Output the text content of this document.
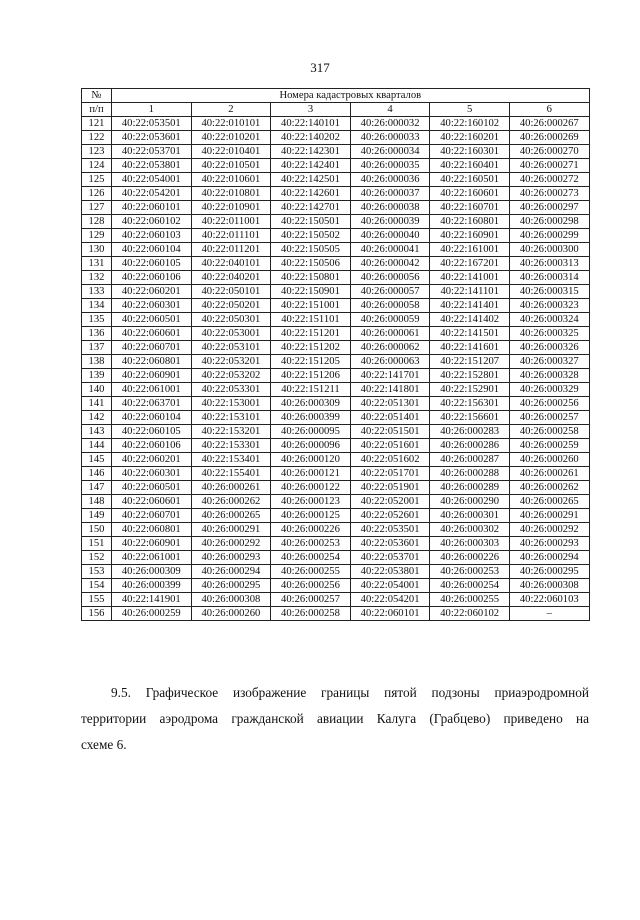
317
№	Номера кадастровых кварталов					
п/п	1	2	3	4	5	6
121	40:22:053501	40:22:010101	40:22:140101	40:26:000032	40:22:160102	40:26:000267
122	40:22:053601	40:22:010201	40:22:140202	40:26:000033	40:22:160201	40:26:000269
123	40:22:053701	40:22:010401	40:22:142301	40:26:000034	40:22:160301	40:26:000270
124	40:22:053801	40:22:010501	40:22:142401	40:26:000035	40:22:160401	40:26:000271
125	40:22:054001	40:22:010601	40:22:142501	40:26:000036	40:22:160501	40:26:000272
126	40:22:054201	40:22:010801	40:22:142601	40:26:000037	40:22:160601	40:26:000273
127	40:22:060101	40:22:010901	40:22:142701	40:26:000038	40:22:160701	40:26:000297
128	40:22:060102	40:22:011001	40:22:150501	40:26:000039	40:22:160801	40:26:000298
129	40:22:060103	40:22:011101	40:22:150502	40:26:000040	40:22:160901	40:26:000299
130	40:22:060104	40:22:011201	40:22:150505	40:26:000041	40:22:161001	40:26:000300
131	40:22:060105	40:22:040101	40:22:150506	40:26:000042	40:22:167201	40:26:000313
132	40:22:060106	40:22:040201	40:22:150801	40:26:000056	40:22:141001	40:26:000314
133	40:22:060201	40:22:050101	40:22:150901	40:26:000057	40:22:141101	40:26:000315
134	40:22:060301	40:22:050201	40:22:151001	40:26:000058	40:22:141401	40:26:000323
135	40:22:060501	40:22:050301	40:22:151101	40:26:000059	40:22:141402	40:26:000324
136	40:22:060601	40:22:053001	40:22:151201	40:26:000061	40:22:141501	40:26:000325
137	40:22:060701	40:22:053101	40:22:151202	40:26:000062	40:22:141601	40:26:000326
138	40:22:060801	40:22:053201	40:22:151205	40:26:000063	40:22:151207	40:26:000327
139	40:22:060901	40:22:053202	40:22:151206	40:22:141701	40:22:152801	40:26:000328
140	40:22:061001	40:22:053301	40:22:151211	40:22:141801	40:22:152901	40:26:000329
141	40:22:063701	40:22:153001	40:26:000309	40:22:051301	40:22:156301	40:26:000256
142	40:22:060104	40:22:153101	40:26:000399	40:22:051401	40:22:156601	40:26:000257
143	40:22:060105	40:22:153201	40:26:000095	40:22:051501	40:26:000283	40:26:000258
144	40:22:060106	40:22:153301	40:26:000096	40:22:051601	40:26:000286	40:26:000259
145	40:22:060201	40:22:153401	40:26:000120	40:22:051602	40:26:000287	40:26:000260
146	40:22:060301	40:22:155401	40:26:000121	40:22:051701	40:26:000288	40:26:000261
147	40:22:060501	40:26:000261	40:26:000122	40:22:051901	40:26:000289	40:26:000262
148	40:22:060601	40:26:000262	40:26:000123	40:22:052001	40:26:000290	40:26:000265
149	40:22:060701	40:26:000265	40:26:000125	40:22:052601	40:26:000301	40:26:000291
150	40:22:060801	40:26:000291	40:26:000226	40:22:053501	40:26:000302	40:26:000292
151	40:22:060901	40:26:000292	40:26:000253	40:22:053601	40:26:000303	40:26:000293
152	40:22:061001	40:26:000293	40:26:000254	40:22:053701	40:26:000226	40:26:000294
153	40:26:000309	40:26:000294	40:26:000255	40:22:053801	40:26:000253	40:26:000295
154	40:26:000399	40:26:000295	40:26:000256	40:22:054001	40:26:000254	40:26:000308
155	40:22:141901	40:26:000308	40:26:000257	40:22:054201	40:26:000255	40:22:060103
156	40:26:000259	40:26:000260	40:26:000258	40:22:060101	40:22:060102	–
9.5. Графическое изображение границы пятой подзоны приаэродромной
территории аэродрома гражданской авиации Калуга (Грабцево) приведено на
схеме 6.
